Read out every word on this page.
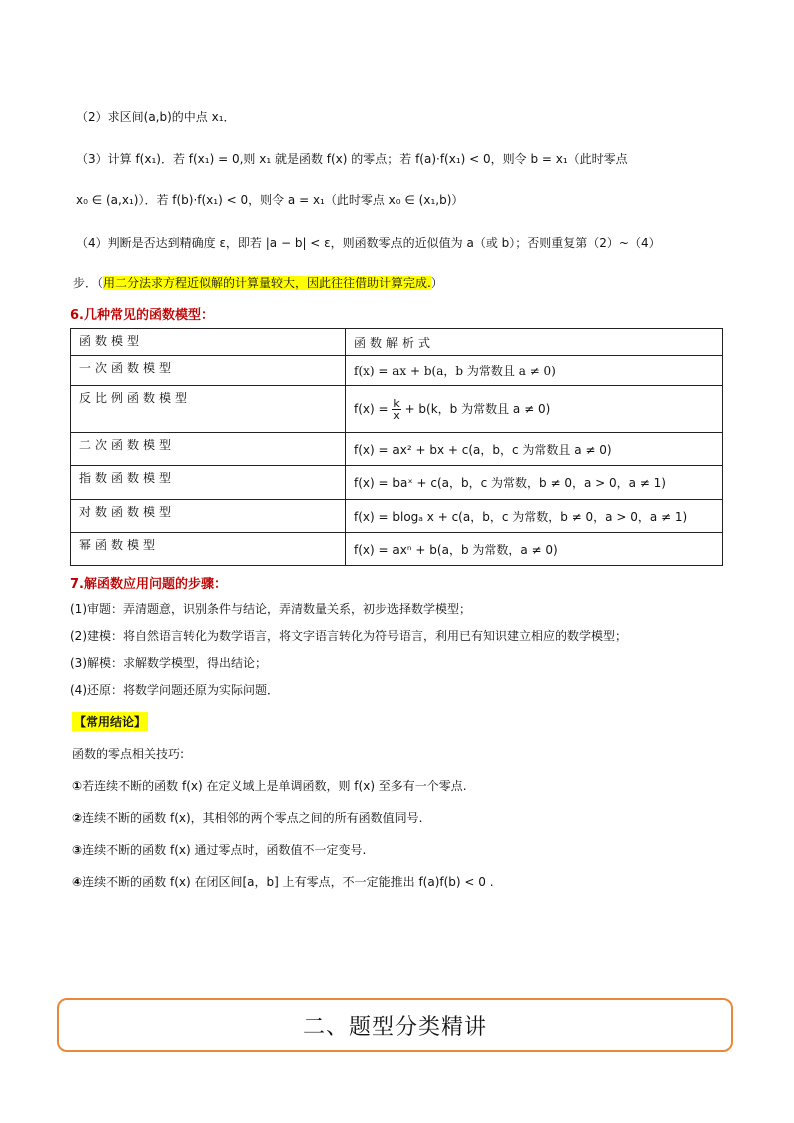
（2）求区间(a,b)的中点 x₁．
（3）计算 f(x₁)．若 f(x₁) = 0,则 x₁ 就是函数 f(x) 的零点；若 f(a)·f(x₁) < 0，则令 b = x₁（此时零点
x₀ ∈ (a,x₁)）．若 f(b)·f(x₁) < 0，则令 a = x₁（此时零点 x₀ ∈ (x₁,b)）
（4）判断是否达到精确度 ε，即若 |a − b| < ε，则函数零点的近似值为 a（或 b）；否则重复第（2）~（4）
步．（用二分法求方程近似解的计算量较大，因此往往借助计算完成.）
6.几种常见的函数模型：
函数模型	函数解析式
一次函数模型	f(x) = ax + b(a，b 为常数且 a ≠ 0)
反比例函数模型	$f(x) = \frac{k}{x} + b(k$，b 为常数且 a ≠ 0)
二次函数模型	f(x) = ax² + bx + c(a，b，c 为常数且 a ≠ 0)
指数函数模型	f(x) = baˣ + c(a，b，c 为常数，b ≠ 0，a > 0，a ≠ 1)
对数函数模型	f(x) = blogₐ x + c(a，b，c 为常数，b ≠ 0，a > 0，a ≠ 1)
幂函数模型	f(x) = axⁿ + b(a，b 为常数，a ≠ 0)
7.解函数应用问题的步骤：
(1)审题：弄清题意，识别条件与结论，弄清数量关系，初步选择数学模型；
(2)建模：将自然语言转化为数学语言，将文字语言转化为符号语言，利用已有知识建立相应的数学模型；
(3)解模：求解数学模型，得出结论；
(4)还原：将数学问题还原为实际问题．
【常用结论】
函数的零点相关技巧:
①若连续不断的函数 f(x) 在定义域上是单调函数，则 f(x) 至多有一个零点.
②连续不断的函数 f(x)，其相邻的两个零点之间的所有函数值同号.
③连续不断的函数 f(x) 通过零点时，函数值不一定变号.
④连续不断的函数 f(x) 在闭区间[a，b] 上有零点，不一定能推出 f(a)f(b) < 0 .
二、题型分类精讲
